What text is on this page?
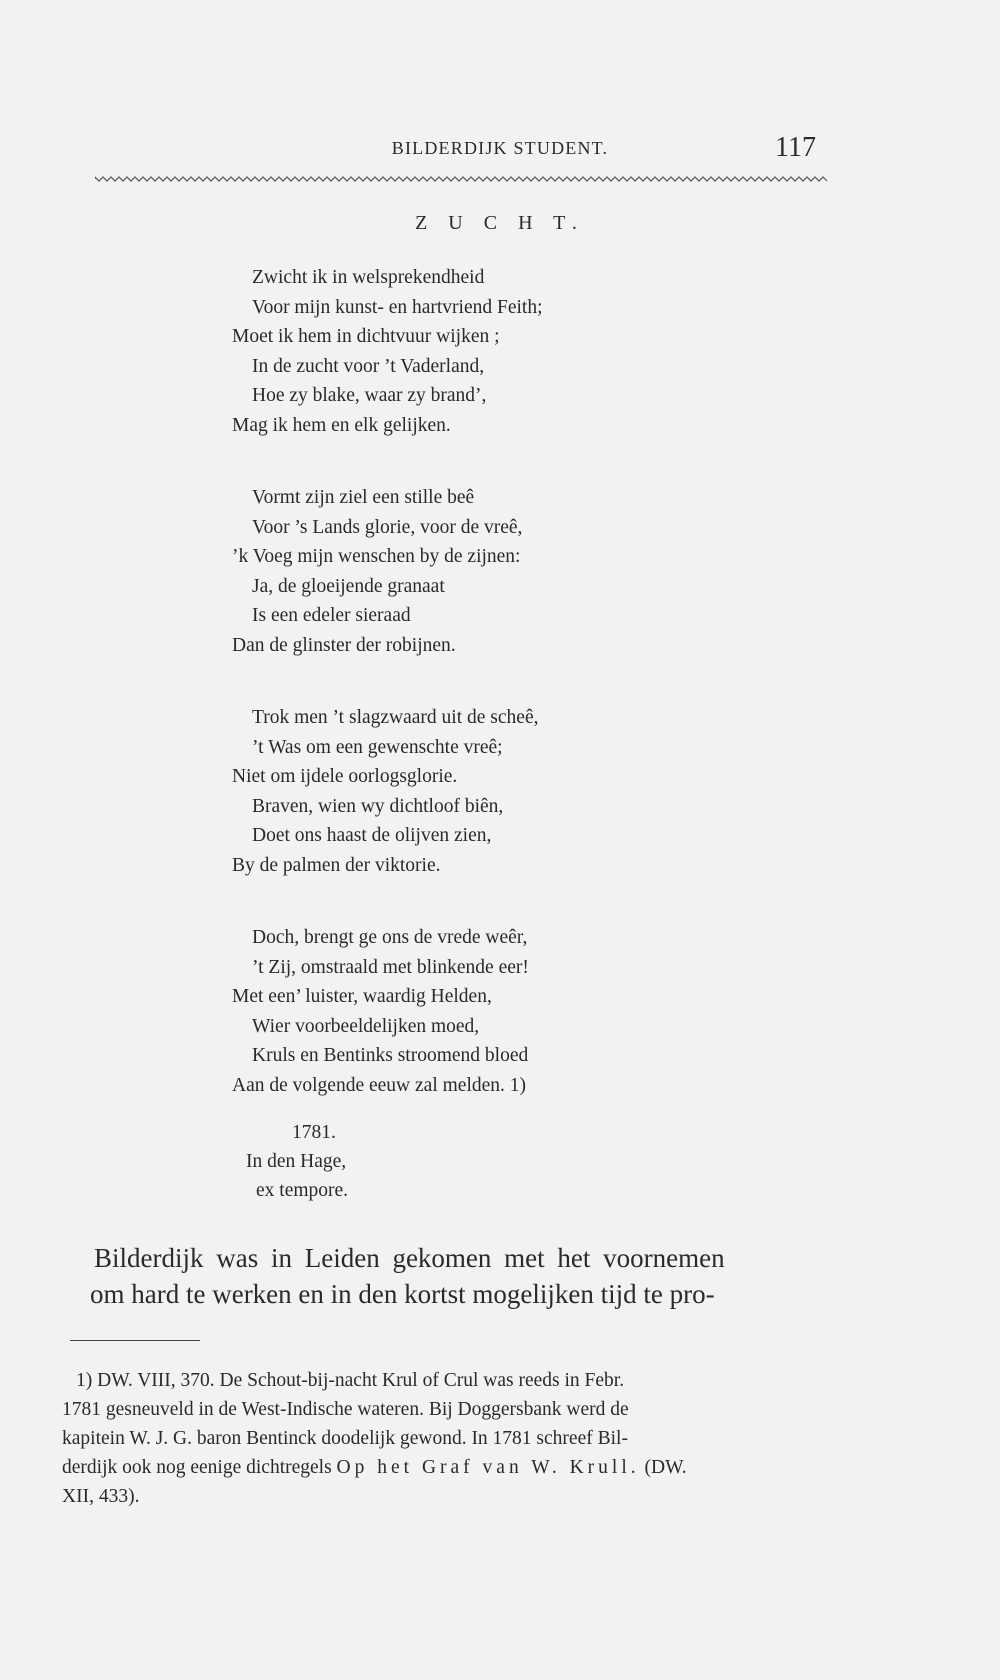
BILDERDIJK STUDENT.	117
Z U C H T.
Zwicht ik in welsprekendheid
Voor mijn kunst- en hartvriend Feith;
Moet ik hem in dichtvuur wijken ;
In de zucht voor ’t Vaderland,
Hoe zy blake, waar zy brand’,
Mag ik hem en elk gelijken.
Vormt zijn ziel een stille beê
Voor ’s Lands glorie, voor de vreê,
’k Voeg mijn wenschen by de zijnen:
Ja, de gloeijende granaat
Is een edeler sieraad
Dan de glinster der robijnen.
Trok men ’t slagzwaard uit de scheê,
’t Was om een gewenschte vreê;
Niet om ijdele oorlogsglorie.
Braven, wien wy dichtloof biên,
Doet ons haast de olijven zien,
By de palmen der viktorie.
Doch, brengt ge ons de vrede weêr,
’t Zij, omstraald met blinkende eer!
Met een’ luister, waardig Helden,
Wier voorbeeldelijken moed,
Kruls en Bentinks stroomend bloed
Aan de volgende eeuw zal melden. 1)
1781.
In den Hage,
ex tempore.
Bilderdijk was in Leiden gekomen met het voornemen
om hard te werken en in den kortst mogelijken tijd te pro-
1) DW. VIII, 370. De Schout-bij-nacht Krul of Crul was reeds in Febr.
1781 gesneuveld in de West-Indische wateren. Bij Doggersbank werd de
kapitein W. J. G. baron Bentinck doodelijk gewond. In 1781 schreef Bil-
derdijk ook nog eenige dichtregels Op het Graf van W. Krull. (DW.
XII, 433).
